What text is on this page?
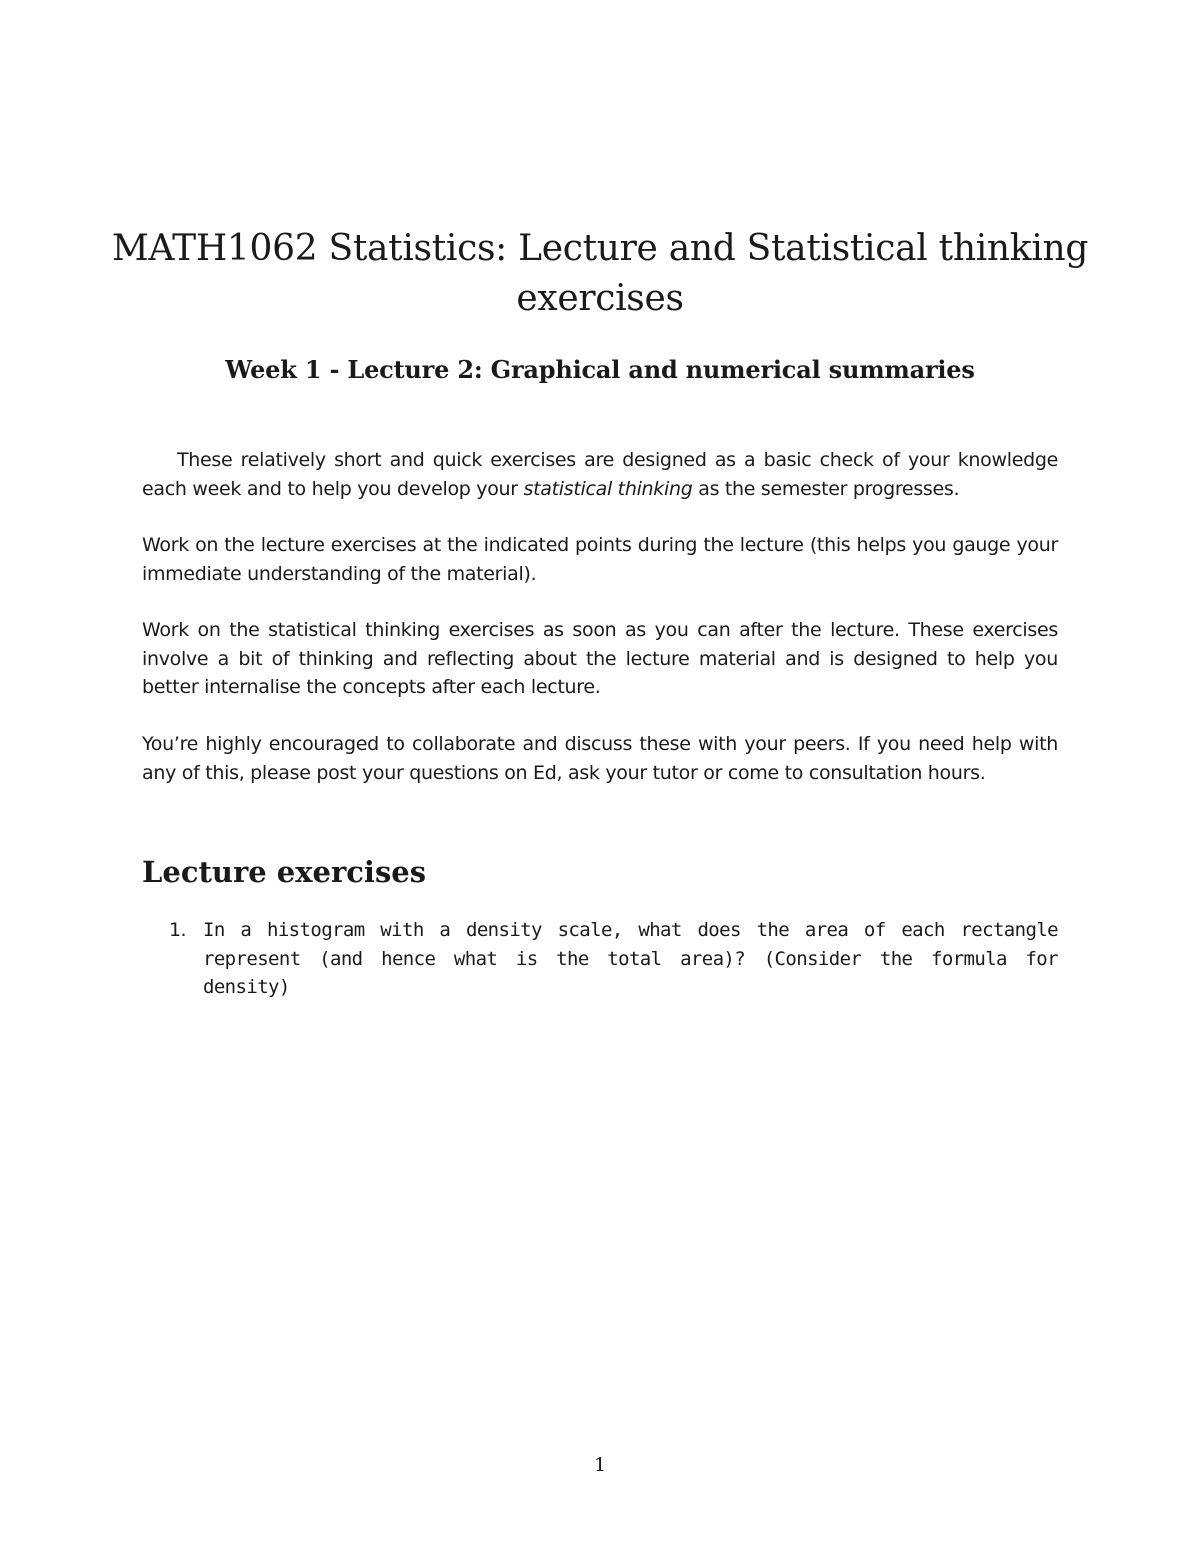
MATH1062 Statistics: Lecture and Statistical thinking exercises
Week 1 - Lecture 2: Graphical and numerical summaries

These relatively short and quick exercises are designed as a basic check of your knowledge each week and to help you develop your statistical thinking as the semester progresses.

Work on the lecture exercises at the indicated points during the lecture (this helps you gauge your immediate understanding of the material).

Work on the statistical thinking exercises as soon as you can after the lecture. These exercises involve a bit of thinking and reflecting about the lecture material and is designed to help you better internalise the concepts after each lecture.

You’re highly encouraged to collaborate and discuss these with your peers. If you need help with any of this, please post your questions on Ed, ask your tutor or come to consultation hours.

Lecture exercises
1. In a histogram with a density scale, what does the area of each rectangle represent (and hence what is the total area)? (Consider the formula for density)
1
